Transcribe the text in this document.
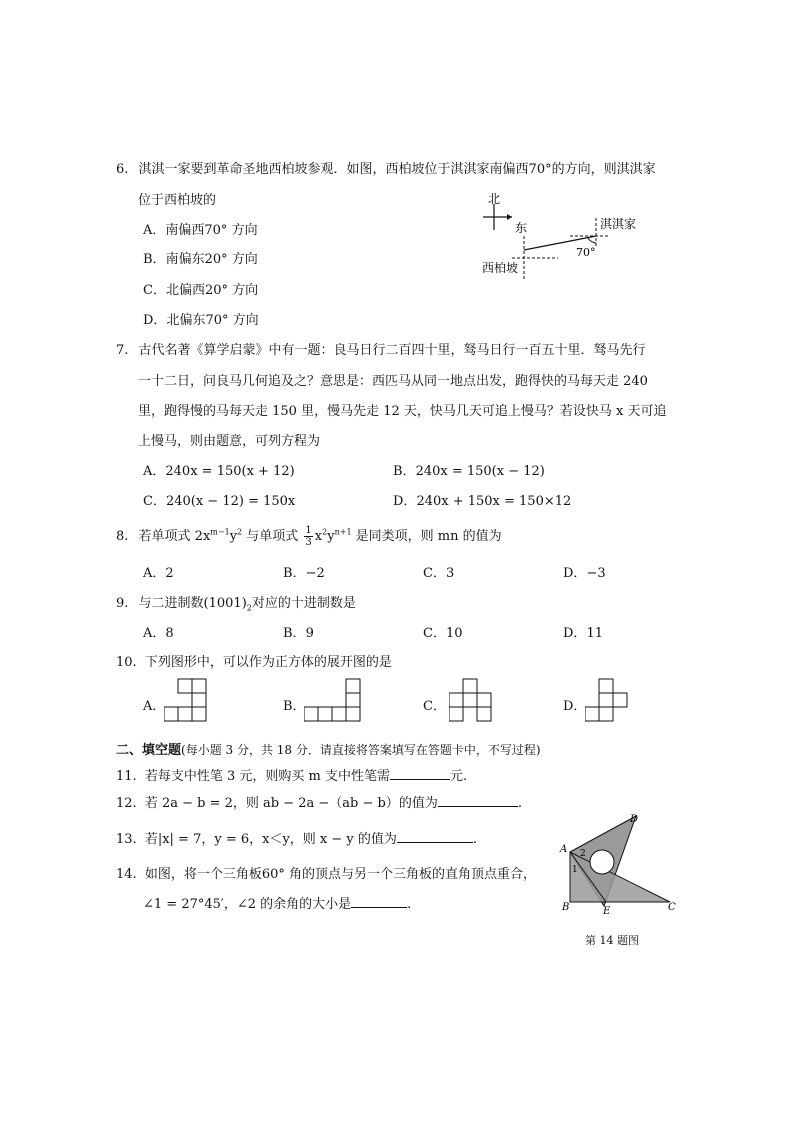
6. 淇淇一家要到革命圣地西柏坡参观．如图，西柏坡位于淇淇家南偏西70°的方向，则淇淇家
位于西柏坡的
A．南偏西70° 方向
B．南偏东20° 方向
C．北偏西20° 方向
D．北偏东70° 方向
北
东	淇淇家
70°
西柏坡
7. 古代名著《算学启蒙》中有一题：良马日行二百四十里，驽马日行一百五十里．驽马先行
一十二日，问良马几何追及之？意思是：西匹马从同一地点出发，跑得快的马每天走 240
里，跑得慢的马每天走 150 里，慢马先走 12 天，快马几天可追上慢马？若设快马 x 天可追
上慢马，则由题意，可列方程为
A．240x = 150(x + 12)	B．240x = 150(x − 12)
C．240(x − 12) = 150x	D．240x + 150x = 150×12
8. 若单项式 $2x^{m-1}y^2$ 与单项式 $\frac{1}{3} x^2y^{n+1}$ 是同类项，则 mn 的值为
A．2	B．−2	C．3	D．−3
9. 与二进制数$(1001)_2$对应的十进制数是
A．8	B．9	C．10	D．11
10. 下列图形中，可以作为正方体的展开图的是
A．	B．	C．	D．
二、填空题(每小题 3 分，共 18 分．请直接将答案填写在答题卡中，不写过程)
11. 若每支中性笔 3 元，则购买 m 支中性笔需	元.
12. 若 2a − b = 2，则 ab − 2a −（ab − b）的值为	.
13. 若|x| = 7，y = 6，x＜y，则 x − y 的值为	.
14. 如图，将一个三角板60° 角的顶点与另一个三角板的直角顶点重合，
∠1 = 27°45′，∠2 的余角的大小是	.
A
D
B	E	C
2
1
第 14 题图
